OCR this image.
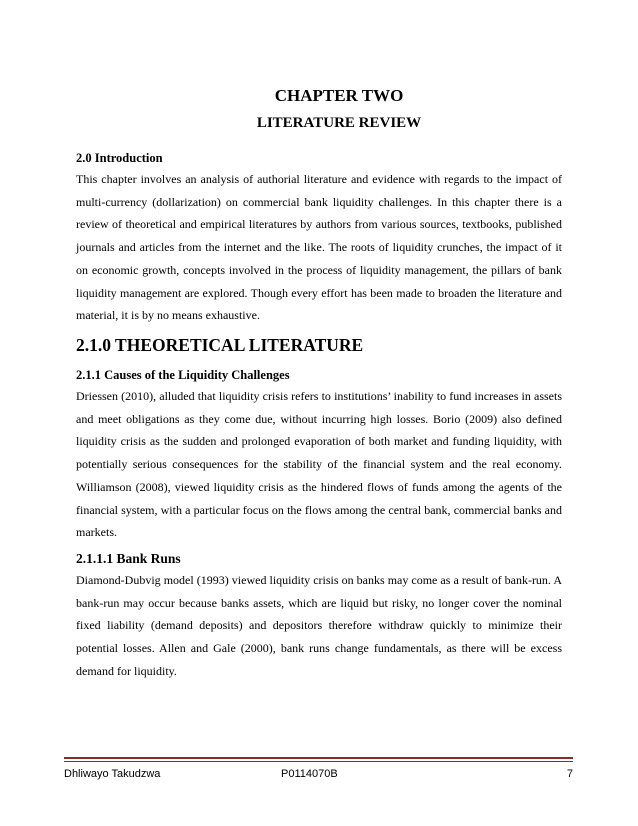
CHAPTER TWO
LITERATURE REVIEW
2.0 Introduction
This chapter involves an analysis of authorial literature and evidence with regards to the impact of multi-currency (dollarization) on commercial bank liquidity challenges. In this chapter there is a review of theoretical and empirical literatures by authors from various sources, textbooks, published journals and articles from the internet and the like. The roots of liquidity crunches, the impact of it on economic growth, concepts involved in the process of liquidity management, the pillars of bank liquidity management are explored. Though every effort has been made to broaden the literature and material, it is by no means exhaustive.
2.1.0 THEORETICAL LITERATURE
2.1.1 Causes of the Liquidity Challenges
Driessen (2010), alluded that liquidity crisis refers to institutions’ inability to fund increases in assets and meet obligations as they come due, without incurring high losses. Borio (2009) also defined liquidity crisis as the sudden and prolonged evaporation of both market and funding liquidity, with potentially serious consequences for the stability of the financial system and the real economy. Williamson (2008), viewed liquidity crisis as the hindered flows of funds among the agents of the financial system, with a particular focus on the flows among the central bank, commercial banks and markets.
2.1.1.1 Bank Runs
Diamond-Dubvig model (1993) viewed liquidity crisis on banks may come as a result of bank-run. A bank-run may occur because banks assets, which are liquid but risky, no longer cover the nominal fixed liability (demand deposits) and depositors therefore withdraw quickly to minimize their potential losses. Allen and Gale (2000), bank runs change fundamentals, as there will be excess demand for liquidity.
Dhliwayo Takudzwa	P0114070B	7
